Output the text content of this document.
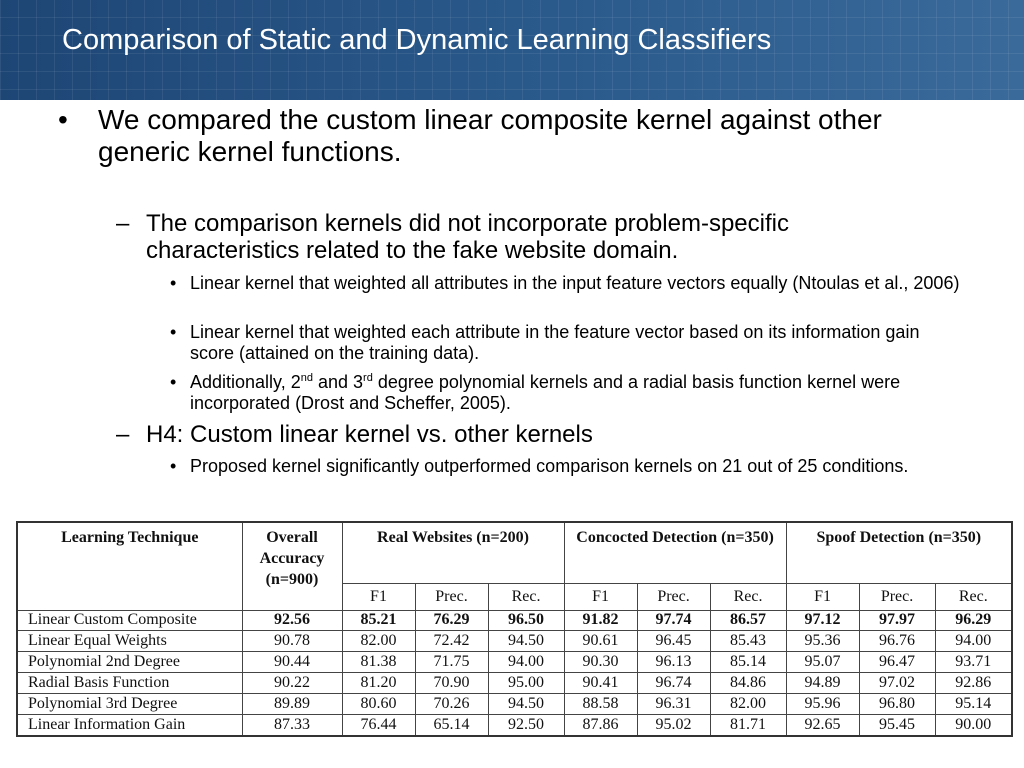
Comparison of Static and Dynamic Learning Classifiers
• We compared the custom linear composite kernel against other generic kernel functions.
– The comparison kernels did not incorporate problem-specific characteristics related to the fake website domain.
• Linear kernel that weighted all attributes in the input feature vectors equally (Ntoulas et al., 2006)
• Linear kernel that weighted each attribute in the feature vector based on its information gain score (attained on the training data).
• Additionally, 2nd and 3rd degree polynomial kernels and a radial basis function kernel were incorporated (Drost and Scheffer, 2005).
– H4: Custom linear kernel vs. other kernels
• Proposed kernel significantly outperformed comparison kernels on 21 out of 25 conditions.
Learning Technique	Overall Accuracy (n=900)	Real Websites (n=200)			Concocted Detection (n=350)			Spoof Detection (n=350)		
		F1	Prec.	Rec.	F1	Prec.	Rec.	F1	Prec.	Rec.
Linear Custom Composite	92.56	85.21	76.29	96.50	91.82	97.74	86.57	97.12	97.97	96.29
Linear Equal Weights	90.78	82.00	72.42	94.50	90.61	96.45	85.43	95.36	96.76	94.00
Polynomial 2nd Degree	90.44	81.38	71.75	94.00	90.30	96.13	85.14	95.07	96.47	93.71
Radial Basis Function	90.22	81.20	70.90	95.00	90.41	96.74	84.86	94.89	97.02	92.86
Polynomial 3rd Degree	89.89	80.60	70.26	94.50	88.58	96.31	82.00	95.96	96.80	95.14
Linear Information Gain	87.33	76.44	65.14	92.50	87.86	95.02	81.71	92.65	95.45	90.00
